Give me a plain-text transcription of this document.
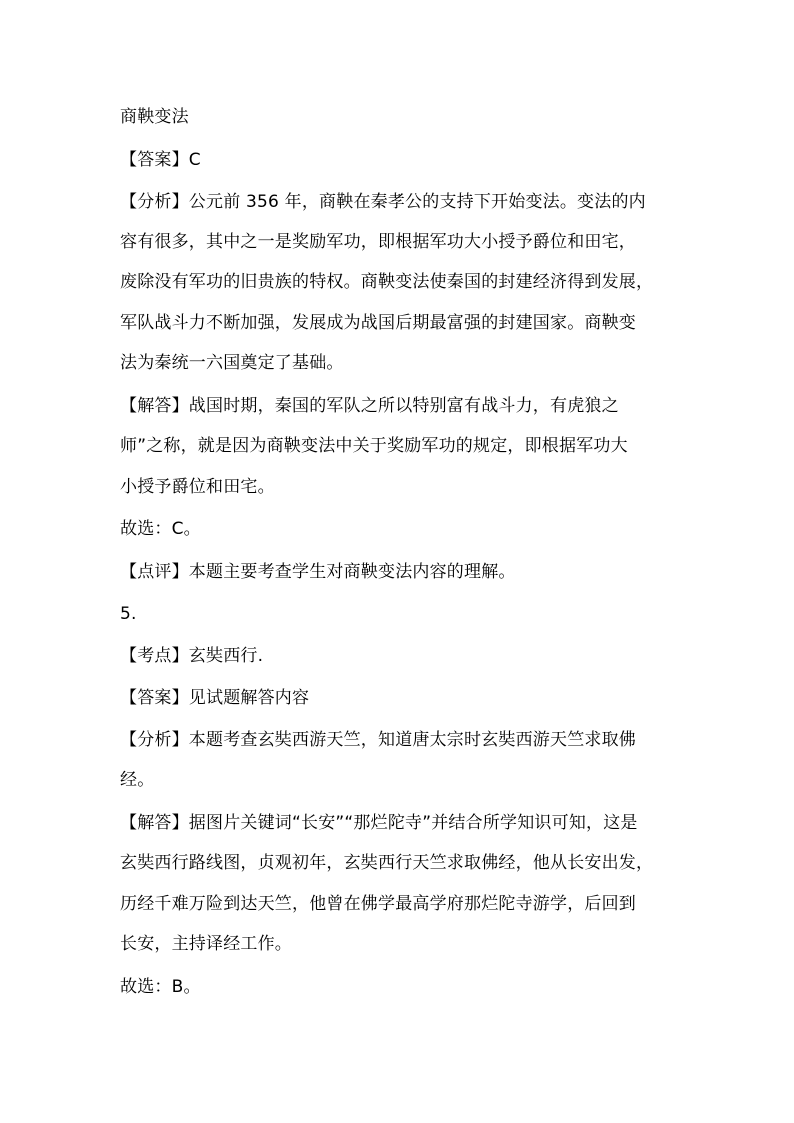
商鞅变法
【答案】C
【分析】公元前 356 年，商鞅在秦孝公的支持下开始变法。变法的内
容有很多，其中之一是奖励军功，即根据军功大小授予爵位和田宅，
废除没有军功的旧贵族的特权。商鞅变法使秦国的封建经济得到发展，
军队战斗力不断加强，发展成为战国后期最富强的封建国家。商鞅变
法为秦统一六国奠定了基础。
【解答】战国时期，秦国的军队之所以特别富有战斗力，有虎狼之
师”之称，就是因为商鞅变法中关于奖励军功的规定，即根据军功大
小授予爵位和田宅。
故选：C。
【点评】本题主要考查学生对商鞅变法内容的理解。
5.
【考点】玄奘西行.
【答案】见试题解答内容
【分析】本题考查玄奘西游天竺，知道唐太宗时玄奘西游天竺求取佛
经。
【解答】据图片关键词“长安”“那烂陀寺”并结合所学知识可知，这是
玄奘西行路线图，贞观初年，玄奘西行天竺求取佛经，他从长安出发，
历经千难万险到达天竺，他曾在佛学最高学府那烂陀寺游学，后回到
长安，主持译经工作。
故选：B。
